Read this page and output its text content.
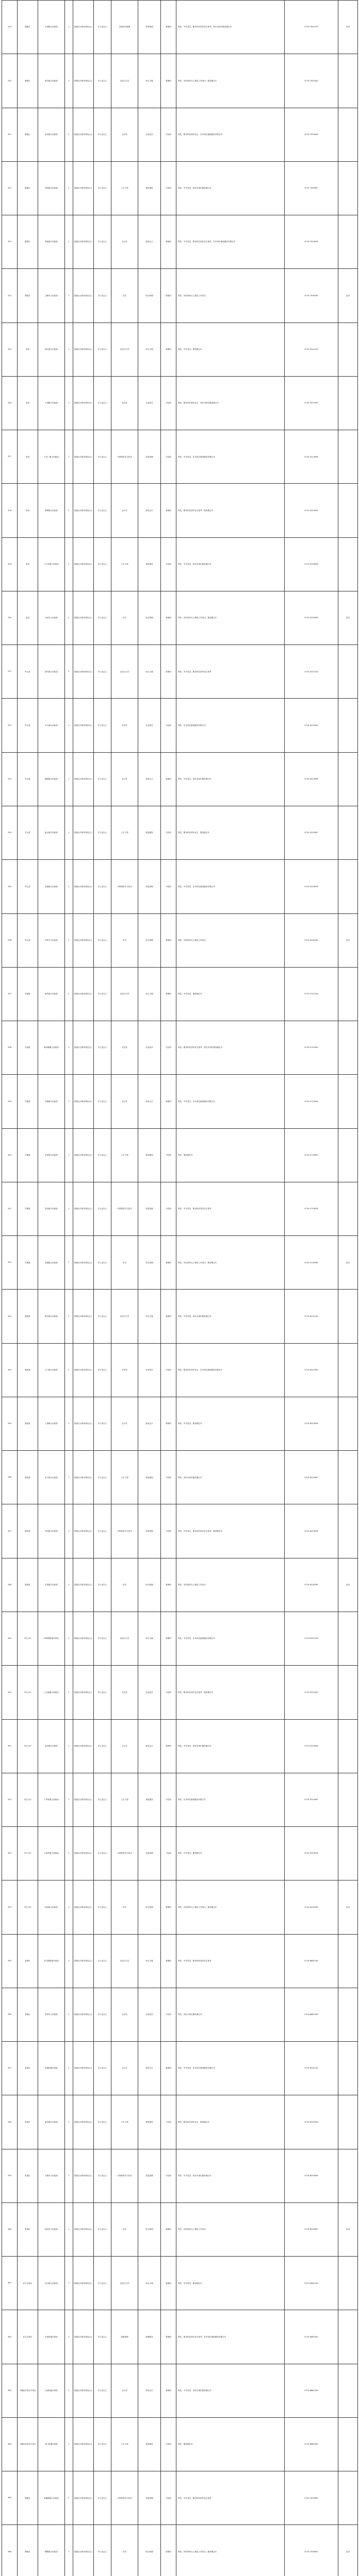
319	郧阳区	古城镇人民政府	1	普通全日制本科及以上	学士及以上	农林经济管理	财务管理	管理岗	男性，中共党员，限本科应届毕业生报考，须在本岗位服务满五年	0719-7501234	定向
320	郧阳区	城关镇人民政府	1	普通全日制本科及以上	学士及以上	汉语言文学	综合文秘	管理岗	男性，具有两年以上基层工作经历，服务期五年	0719-7502345	
321	郧阳区	茶店镇人民政府	1	普通全日制本科及以上	学士及以上	农学类	农业技术	专技岗	男性，限本科应届毕业生，在本单位最低服务年限五年	0719-7503456	
322	郧阳区	安阳镇人民政府	1	普通全日制本科及以上	学士及以上	土木工程	规划建设	专技岗	男性，中共党员，须在本岗位服务满五年	0719-7504567	
323	郧阳区	青曲镇人民政府	1	普通全日制本科及以上	学士及以上	会计学	财务会计	管理岗	男性，中共党员，限本科应届毕业生报考，在本单位最低服务年限五年	0719-7505678	
324	郧阳区	五峰乡人民政府	1	普通全日制本科及以上	学士及以上	法学	综合管理	管理岗	男性，具有两年以上基层工作经历	0719-7506789	定向
325	房县	城关镇人民政府	1	普通全日制本科及以上	学士及以上	汉语言文学	综合文秘	管理岗	男性，中共党员，服务期五年	0719-3221234	
326	房县	土城镇人民政府	1	普通全日制本科及以上	学士及以上	农学类	农业技术	专技岗	男性，限本科应届毕业生，须在本岗位服务满五年	0719-3222345	
327	房县	大木厂镇人民政府	1	普通全日制本科及以上	学士及以上	计算机科学与技术	信息管理	专技岗	男性，中共党员，在本单位最低服务年限五年	0719-3223456	
328	房县	青峰镇人民政府	1	普通全日制本科及以上	学士及以上	会计学	财务会计	管理岗	男性，限本科应届毕业生报考，服务期五年	0719-3224567	
329	房县	门古寺镇人民政府	1	普通全日制本科及以上	学士及以上	土木工程	规划建设	专技岗	男性，中共党员，须在本岗位服务满五年	0719-3225678	
330	房县	沙河乡人民政府	1	普通全日制本科及以上	学士及以上	法学	综合管理	管理岗	男性，具有两年以上基层工作经历，服务期五年	0719-3226789	定向
331	竹山县	城关镇人民政府	1	普通全日制本科及以上	学士及以上	汉语言文学	综合文秘	管理岗	男性，中共党员，限本科应届毕业生报考	0719-4221234	
332	竹山县	宝丰镇人民政府	1	普通全日制本科及以上	学士及以上	农学类	农业技术	专技岗	男性，在本单位最低服务年限五年	0719-4222345	
333	竹山县	擂鼓镇人民政府	1	普通全日制本科及以上	学士及以上	会计学	财务会计	管理岗	男性，中共党员，须在本岗位服务满五年	0719-4223456	
334	竹山县	溢水镇人民政府	1	普通全日制本科及以上	学士及以上	土木工程	规划建设	专技岗	男性，限本科应届毕业生，服务期五年	0719-4224567	
335	竹山县	官渡镇人民政府	1	普通全日制本科及以上	学士及以上	计算机科学与技术	信息管理	专技岗	男性，中共党员，在本单位最低服务年限五年	0719-4225678	
336	竹山县	竹坪乡人民政府	1	普通全日制本科及以上	学士及以上	法学	综合管理	管理岗	男性，具有两年以上基层工作经历	0719-4226789	定向
337	竹溪县	城关镇人民政府	1	普通全日制本科及以上	学士及以上	汉语言文学	综合文秘	管理岗	男性，中共党员，服务期五年	0719-2721234	
338	竹溪县	蒋家堰镇人民政府	1	普通全日制本科及以上	学士及以上	农学类	农业技术	专技岗	男性，限本科应届毕业生报考，须在本岗位服务满五年	0719-2722345	
339	竹溪县	中峰镇人民政府	1	普通全日制本科及以上	学士及以上	会计学	财务会计	管理岗	男性，中共党员，在本单位最低服务年限五年	0719-2723456	
340	竹溪县	水坪镇人民政府	1	普通全日制本科及以上	学士及以上	土木工程	规划建设	专技岗	男性，服务期五年	0719-2724567	
341	竹溪县	县河镇人民政府	1	普通全日制本科及以上	学士及以上	计算机科学与技术	信息管理	专技岗	男性，中共党员，限本科应届毕业生报考	0719-2725678	
342	竹溪县	泉溪镇人民政府	1	普通全日制本科及以上	学士及以上	法学	综合管理	管理岗	男性，具有两年以上基层工作经历，服务期五年	0719-2726789	定向
343	郧西县	城关镇人民政府	1	普通全日制本科及以上	学士及以上	汉语言文学	综合文秘	管理岗	男性，中共党员，须在本岗位服务满五年	0719-6221234	
344	郧西县	土门镇人民政府	1	普通全日制本科及以上	学士及以上	农学类	农业技术	专技岗	男性，限本科应届毕业生，在本单位最低服务年限五年	0719-6222345	
345	郧西县	上津镇人民政府	1	普通全日制本科及以上	学士及以上	会计学	财务会计	管理岗	男性，中共党员，服务期五年	0719-6223456	
346	郧西县	店子镇人民政府	1	普通全日制本科及以上	学士及以上	土木工程	规划建设	专技岗	男性，须在本岗位服务满五年	0719-6224567	
347	郧西县	夹河镇人民政府	1	普通全日制本科及以上	学士及以上	计算机科学与技术	信息管理	专技岗	男性，中共党员，限本科应届毕业生报考，服务期五年	0719-6225678	
348	郧西县	羊尾镇人民政府	1	普通全日制本科及以上	学士及以上	法学	综合管理	管理岗	男性，具有两年以上基层工作经历	0719-6226789	定向
349	丹江口市	均州路街道办事处	1	普通全日制本科及以上	学士及以上	汉语言文学	综合文秘	管理岗	男性，中共党员，在本单位最低服务年限五年	0719-5221234	
350	丹江口市	土关垭镇人民政府	1	普通全日制本科及以上	学士及以上	农学类	农业技术	专技岗	男性，限本科应届毕业生报考，服务期五年	0719-5222345	
351	丹江口市	浪河镇人民政府	1	普通全日制本科及以上	学士及以上	会计学	财务会计	管理岗	男性，中共党员，须在本岗位服务满五年	0719-5223456	
352	丹江口市	丁家营镇人民政府	1	普通全日制本科及以上	学士及以上	土木工程	规划建设	专技岗	男性，在本单位最低服务年限五年	0719-5224567	
353	丹江口市	六里坪镇人民政府	1	普通全日制本科及以上	学士及以上	计算机科学与技术	信息管理	专技岗	男性，中共党员，服务期五年	0719-5225678	
354	丹江口市	均县镇人民政府	1	普通全日制本科及以上	学士及以上	法学	综合管理	管理岗	男性，具有两年以上基层工作经历，服务期五年	0719-5226789	定向
355	茅箭区	武当路街道办事处	1	普通全日制本科及以上	学士及以上	汉语言文学	综合文秘	管理岗	男性，中共党员，限本科应届毕业生报考	0719-8661234	
356	茅箭区	茅塔乡人民政府	1	普通全日制本科及以上	学士及以上	农学类	农业技术	专技岗	男性，须在本岗位服务满五年	0719-8662345	
357	张湾区	花果街道办事处	1	普通全日制本科及以上	学士及以上	会计学	财务会计	管理岗	男性，中共党员，在本单位最低服务年限五年	0719-8331234	
358	张湾区	黄龙镇人民政府	1	普通全日制本科及以上	学士及以上	土木工程	规划建设	专技岗	男性，限本科应届毕业生，服务期五年	0719-8332345	
359	张湾区	方滩乡人民政府	1	普通全日制本科及以上	学士及以上	计算机科学与技术	信息管理	专技岗	男性，中共党员，须在本岗位服务满五年	0719-8333456	
360	张湾区	西沟乡人民政府	1	普通全日制本科及以上	学士及以上	法学	综合管理	管理岗	男性，具有两年以上基层工作经历	0719-8334567	定向
361	武当山特区	官山镇人民政府	1	普通全日制本科及以上	学士及以上	汉语言文学	综合文秘	管理岗	男性，中共党员，服务期五年	0719-5661234	
362	武当山特区	太和街道办事处	1	普通全日制本科及以上	学士及以上	旅游管理	旅游服务	管理岗	男性，限本科应届毕业生报考，在本单位最低服务年限五年	0719-5662345	
363	十堰经济技术开发区	白浪街道办事处	1	普通全日制本科及以上	学士及以上	会计学	财务会计	管理岗	男性，中共党员，须在本岗位服务满五年	0719-8881234	
364	十堰经济技术开发区	龙门街道办事处	1	普通全日制本科及以上	学士及以上	土木工程	规划建设	专技岗	男性，服务期五年	0719-8882345	
365	郧阳区	杨溪铺镇人民政府	1	普通全日制本科及以上	学士及以上	计算机科学与技术	信息管理	专技岗	男性，中共党员，限本科应届毕业生报考	0719-7507890	
366	郧阳区	柳陂镇人民政府	1	普通全日制本科及以上	学士及以上	法学	综合管理	管理岗	男性，具有两年以上基层工作经历，服务期五年	0719-7508901	定向
